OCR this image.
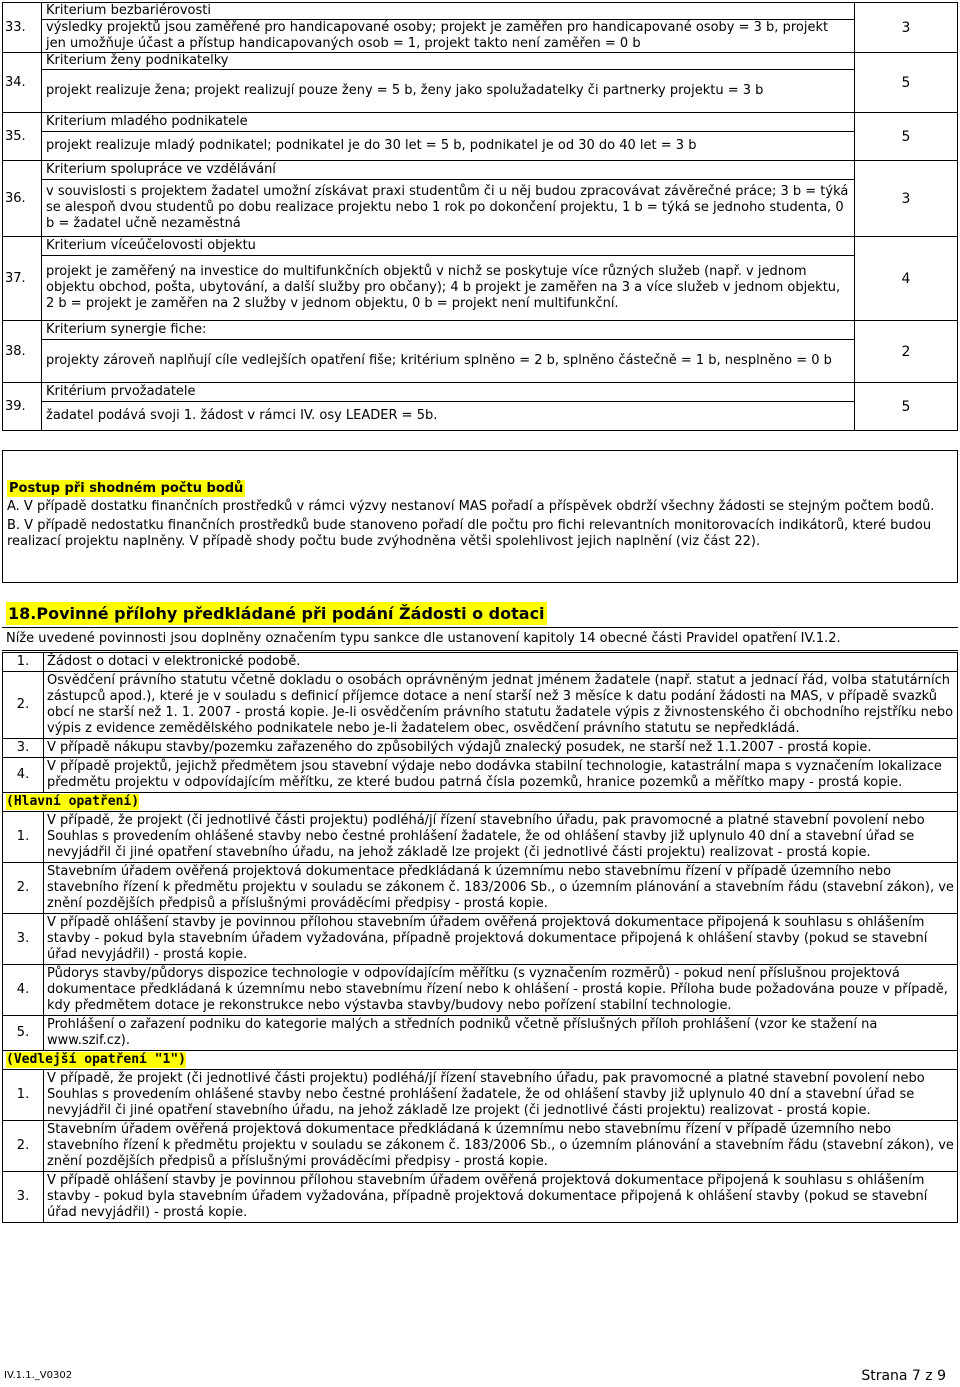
33.	Kriterium bezbariérovosti	3
	výsledky projektů jsou zaměřené pro handicapované osoby; projekt je zaměřen pro handicapované osoby = 3 b, projekt jen umožňuje účast a přístup handicapovaných osob = 1, projekt takto není zaměřen = 0 b	
34.	Kriterium ženy podnikatelky	5
	projekt realizuje žena; projekt realizují pouze ženy = 5 b, ženy jako spolužadatelky či partnerky projektu = 3 b	
35.	Kriterium mladého podnikatele	5
	projekt realizuje mladý podnikatel; podnikatel je do 30 let = 5 b, podnikatel je od 30 do 40 let = 3 b	
36.	Kriterium spolupráce ve vzdělávání	3
	v souvislosti s projektem žadatel umožní získávat praxi studentům či u něj budou zpracovávat závěrečné práce; 3 b = týká se alespoň dvou studentů po dobu realizace projektu nebo 1 rok po dokončení projektu, 1 b = týká se jednoho studenta, 0 b = žadatel učně nezaměstná	
37.	Kriterium víceúčelovosti objektu	4
	projekt je zaměřený na investice do multifunkčních objektů v nichž se poskytuje více různých služeb (např. v jednom objektu obchod, pošta, ubytování, a další služby pro občany); 4 b projekt je zaměřen na 3 a více služeb v jednom objektu, 2 b = projekt je zaměřen na 2 služby v jednom objektu, 0 b = projekt není multifunkční.	
38.	Kriterium synergie fiche:	2
	projekty zároveň naplňují cíle vedlejších opatření fiše; kritérium splněno = 2 b, splněno částečně = 1 b, nesplněno = 0 b	
39.	Kritérium prvožadatele	5
	žadatel podává svoji 1. žádost v rámci IV. osy LEADER = 5b.	
Postup při shodném počtu bodů
A. V případě dostatku finančních prostředků v rámci výzvy nestanoví MAS pořadí a příspěvek obdrží všechny žádosti se stejným počtem bodů.
B. V případě nedostatku finančních prostředků bude stanoveno pořadí dle počtu pro fichi relevantních monitorovacích indikátorů, které budou realizací projektu naplněny. V případě shody počtu bude zvýhodněna větši spolehlivost jejich naplnění (viz část 22).
18.Povinné přílohy předkládané při podání Žádosti o dotaci
Níže uvedené povinnosti jsou doplněny označením typu sankce dle ustanovení kapitoly 14 obecné části Pravidel opatření IV.1.2.
1.	Žádost o dotaci v elektronické podobě.
2.	Osvědčení právního statutu včetně dokladu o osobách oprávněným jednat jménem žadatele (např. statut a jednací řád, volba statutárních zástupců apod.), které je v souladu s definicí příjemce dotace a není starší než 3 měsíce k datu podání žádosti na MAS, v případě svazků obcí ne starší než 1. 1. 2007 - prostá kopie. Je-li osvědčením právního statutu žadatele výpis z živnostenského či obchodního rejstříku nebo výpis z evidence zemědělského podnikatele nebo je-li žadatelem obec, osvědčení právního statutu se nepředkládá.
3.	V případě nákupu stavby/pozemku zařazeného do způsobilých výdajů znalecký posudek, ne starší než 1.1.2007 - prostá kopie.
4.	V případě projektů, jejichž předmětem jsou stavební výdaje nebo dodávka stabilní technologie, katastrální mapa s vyznačením lokalizace předmětu projektu v odpovídajícím měřítku, ze které budou patrná čísla pozemků, hranice pozemků a měřítko mapy - prostá kopie.
(Hlavní opatření)	
1.	V případě, že projekt (či jednotlivé části projektu) podléhá/jí řízení stavebního úřadu, pak pravomocné a platné stavební povolení nebo Souhlas s provedením ohlášené stavby nebo čestné prohlášení žadatele, že od ohlášení stavby již uplynulo 40 dní a stavební úřad se nevyjádřil či jiné opatření stavebního úřadu, na jehož základě lze projekt (či jednotlivé části projektu) realizovat - prostá kopie.
2.	Stavebním úřadem ověřená projektová dokumentace předkládaná k územnímu nebo stavebnímu řízení v případě územního nebo stavebního řízení k předmětu projektu v souladu se zákonem č. 183/2006 Sb., o územním plánování a stavebním řádu (stavební zákon), ve znění pozdějších předpisů a příslušnými prováděcími předpisy - prostá kopie.
3.	V případě ohlášení stavby je povinnou přílohou stavebním úřadem ověřená projektová dokumentace připojená k souhlasu s ohlášením stavby - pokud byla stavebním úřadem vyžadována, případně projektová dokumentace připojená k ohlášení stavby (pokud se stavební úřad nevyjádřil) - prostá kopie.
4.	Půdorys stavby/půdorys dispozice technologie v odpovídajícím měřítku (s vyznačením rozměrů) - pokud není příslušnou projektová dokumentace předkládaná k územnímu nebo stavebnímu řízení nebo k ohlášení - prostá kopie. Příloha bude požadována pouze v případě, kdy předmětem dotace je rekonstrukce nebo výstavba stavby/budovy nebo pořízení stabilní technologie.
5.	Prohlášení o zařazení podniku do kategorie malých a středních podniků včetně příslušných příloh prohlášení (vzor ke stažení na www.szif.cz).
(Vedlejší opatření "1")	
1.	V případě, že projekt (či jednotlivé části projektu) podléhá/jí řízení stavebního úřadu, pak pravomocné a platné stavební povolení nebo Souhlas s provedením ohlášené stavby nebo čestné prohlášení žadatele, že od ohlášení stavby již uplynulo 40 dní a stavební úřad se nevyjádřil či jiné opatření stavebního úřadu, na jehož základě lze projekt (či jednotlivé části projektu) realizovat - prostá kopie.
2.	Stavebním úřadem ověřená projektová dokumentace předkládaná k územnímu nebo stavebnímu řízení v případě územního nebo stavebního řízení k předmětu projektu v souladu se zákonem č. 183/2006 Sb., o územním plánování a stavebním řádu (stavební zákon), ve znění pozdějších předpisů a příslušnými prováděcími předpisy - prostá kopie.
3.	V případě ohlášení stavby je povinnou přílohou stavebním úřadem ověřená projektová dokumentace připojená k souhlasu s ohlášením stavby - pokud byla stavebním úřadem vyžadována, případně projektová dokumentace připojená k ohlášení stavby (pokud se stavební úřad nevyjádřil) - prostá kopie.
IV.1.1._V0302	Strana 7 z 9
